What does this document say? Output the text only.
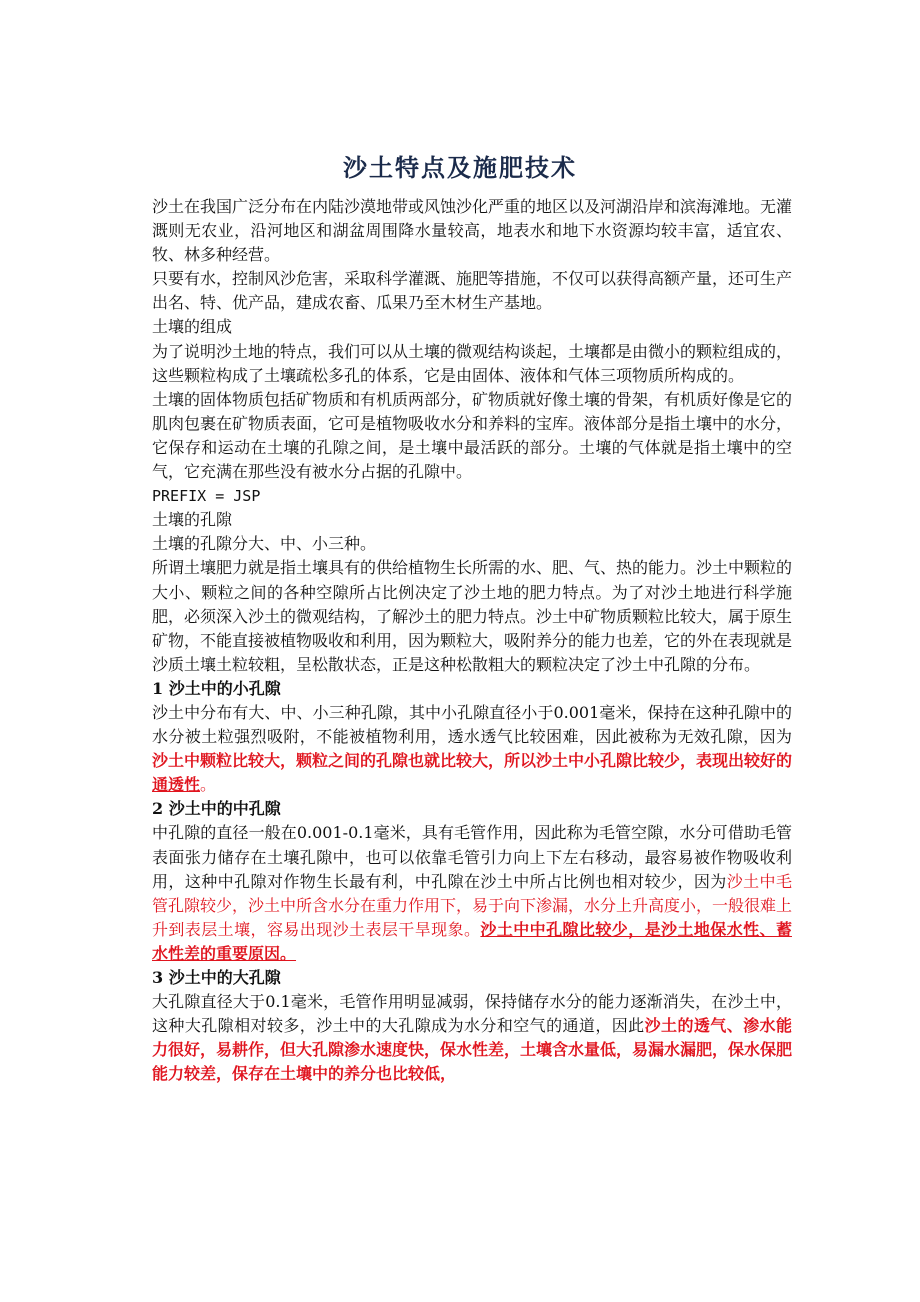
沙土特点及施肥技术

沙土在我国广泛分布在内陆沙漠地带或风蚀沙化严重的地区以及河湖沿岸和滨海滩地。无灌溉则无农业，沿河地区和湖盆周围降水量较高，地表水和地下水资源均较丰富，适宜农、牧、林多种经营。

只要有水，控制风沙危害，采取科学灌溉、施肥等措施，不仅可以获得高额产量，还可生产出名、特、优产品，建成农畜、瓜果乃至木材生产基地。

土壤的组成

为了说明沙土地的特点，我们可以从土壤的微观结构谈起，土壤都是由微小的颗粒组成的，这些颗粒构成了土壤疏松多孔的体系，它是由固体、液体和气体三项物质所构成的。

土壤的固体物质包括矿物质和有机质两部分，矿物质就好像土壤的骨架，有机质好像是它的肌肉包裹在矿物质表面，它可是植物吸收水分和养料的宝库。液体部分是指土壤中的水分，它保存和运动在土壤的孔隙之间，是土壤中最活跃的部分。土壤的气体就是指土壤中的空气，它充满在那些没有被水分占据的孔隙中。

PREFIX = JSP

土壤的孔隙

土壤的孔隙分大、中、小三种。

所谓土壤肥力就是指土壤具有的供给植物生长所需的水、肥、气、热的能力。沙土中颗粒的大小、颗粒之间的各种空隙所占比例决定了沙土地的肥力特点。为了对沙土地进行科学施肥，必须深入沙土的微观结构，了解沙土的肥力特点。沙土中矿物质颗粒比较大，属于原生矿物，不能直接被植物吸收和利用，因为颗粒大，吸附养分的能力也差，它的外在表现就是沙质土壤土粒较粗，呈松散状态，正是这种松散粗大的颗粒决定了沙土中孔隙的分布。

1 沙土中的小孔隙

沙土中分布有大、中、小三种孔隙，其中小孔隙直径小于0.001毫米，保持在这种孔隙中的水分被土粒强烈吸附，不能被植物利用，透水透气比较困难，因此被称为无效孔隙，因为沙土中颗粒比较大，颗粒之间的孔隙也就比较大，所以沙土中小孔隙比较少，表现出较好的通透性。

2 沙土中的中孔隙

中孔隙的直径一般在0.001-0.1毫米，具有毛管作用，因此称为毛管空隙，水分可借助毛管表面张力储存在土壤孔隙中，也可以依靠毛管引力向上下左右移动，最容易被作物吸收利用，这种中孔隙对作物生长最有利，中孔隙在沙土中所占比例也相对较少，因为沙土中毛管孔隙较少，沙土中所含水分在重力作用下，易于向下渗漏，水分上升高度小，一般很难上升到表层土壤，容易出现沙土表层干旱现象。沙土中中孔隙比较少，是沙土地保水性、蓄水性差的重要原因。

3 沙土中的大孔隙

大孔隙直径大于0.1毫米，毛管作用明显减弱，保持储存水分的能力逐渐消失，在沙土中，这种大孔隙相对较多，沙土中的大孔隙成为水分和空气的通道，因此沙土的透气、渗水能力很好，易耕作，但大孔隙渗水速度快，保水性差，土壤含水量低，易漏水漏肥，保水保肥能力较差，保存在土壤中的养分也比较低，
